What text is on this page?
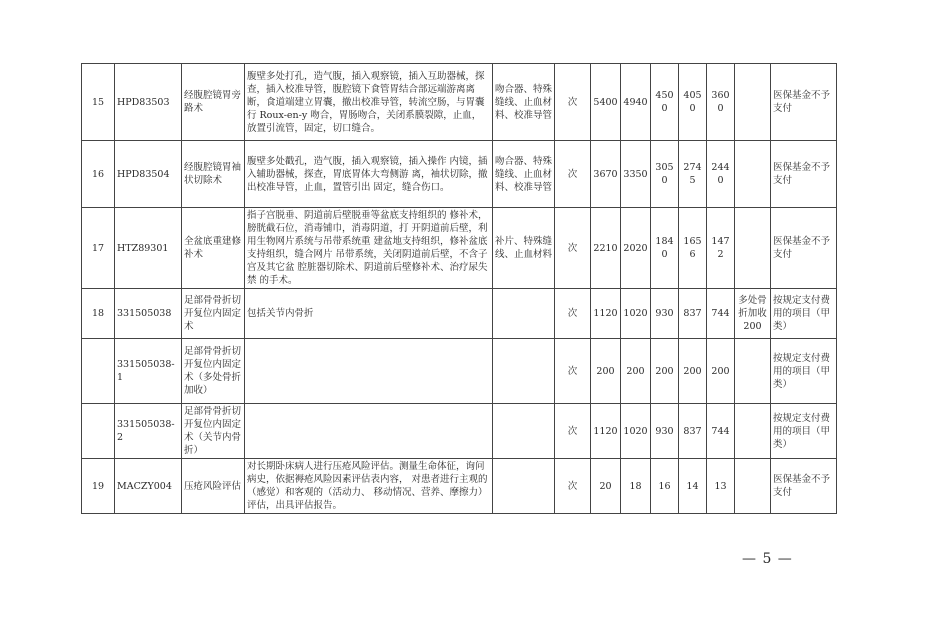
15	HPD83503	经腹腔镜胃旁路术	腹壁多处打孔，造气腹，插入观察镜，插入互助器械，探查，插入校准导管，腹腔镜下食管胃结合部远端游离离断，食道端建立胃囊，撤出校准导管，转流空肠，与胃囊行 Roux-en-y 吻合，胃肠吻合，关闭系膜裂隙，止血，放置引流管，固定，切口缝合。	吻合器、特殊缝线、止血材料、校准导管	次	5400	4940	4500	4050	3600		医保基金不予支付
16	HPD83504	经腹腔镜胃袖 状切除术	腹壁多处戳孔，造气腹，插入观察镜，插入操作 内镜，插入辅助器械，探查，胃底胃体大弯侧游 离，袖状切除，撤出校准导管，止血，置管引出 固定，缝合伤口。	吻合器、特殊缝线、止血材料、校准导管	次	3670	3350	3050	2745	2440		医保基金不予支付
17	HTZ89301	全盆底重建修补术	指子宫脱垂、阴道前后壁脱垂等盆底支持组织的 修补术，膀胱截石位，消毒铺巾，消毒阴道，打 开阴道前后壁，利用生物网片系统与吊带系统重 建盆地支持组织，修补盆底支持组织，缝合网片 吊带系统，关闭阴道前后壁，不含子宫及其它盆 腔脏器切除术、阴道前后壁修补术、治疗尿失禁 的手术。	补片、特殊缝线、止血材料	次	2210	2020	1840	1656	1472		医保基金不予支付
18	331505038	足部骨骨折切开复位内固定术	包括关节内骨折		次	1120	1020	930	837	744	多处骨折加收200	按规定支付费用的项目（甲类）
	331505038-1	足部骨骨折切开复位内固定术（多处骨折加收）			次	200	200	200	200	200		按规定支付费用的项目（甲类）
	331505038-2	足部骨骨折切开复位内固定术（关节内骨折）			次	1120	1020	930	837	744		按规定支付费用的项目（甲类）
19	MACZY004	压疮风险评估	对长期卧床病人进行压疮风险评估。测量生命体征，询问病史，依据褥疮风险因素评估表内容， 对患者进行主观的（感觉）和客观的（活动力、 移动情况、营养、摩擦力）评估，出具评估报告。		次	20	18	16	14	13		医保基金不予支付
— 5 —
